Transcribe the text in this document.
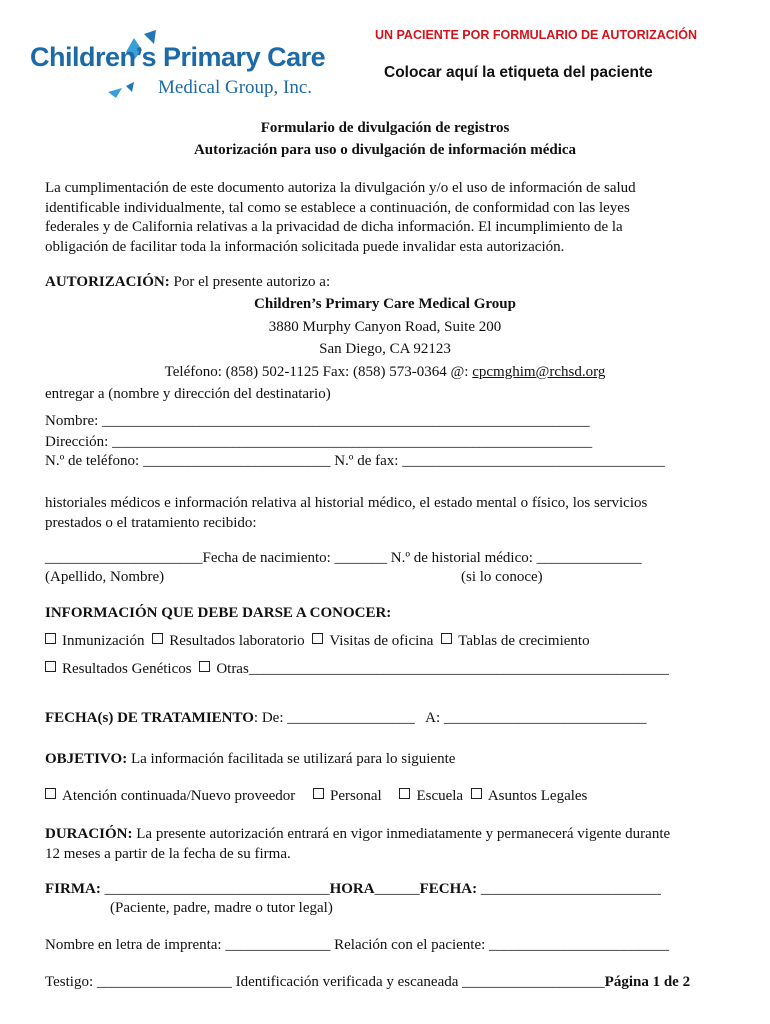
Children’s Primary Care
Medical Group, Inc.
UN PACIENTE POR FORMULARIO DE AUTORIZACIÓN
Colocar aquí la etiqueta del paciente
Formulario de divulgación de registros
Autorización para uso o divulgación de información médica
La cumplimentación de este documento autoriza la divulgación y/o el uso de información de salud
identificable individualmente, tal como se establece a continuación, de conformidad con las leyes
federales y de California relativas a la privacidad de dicha información. El incumplimiento de la
obligación de facilitar toda la información solicitada puede invalidar esta autorización.
AUTORIZACIÓN: Por el presente autorizo a:
Children’s Primary Care Medical Group
3880 Murphy Canyon Road, Suite 200
San Diego, CA 92123
Teléfono: (858) 502-1125 Fax: (858) 573-0364 @: cpcmghim@rchsd.org
entregar a (nombre y dirección del destinatario)
Nombre: _________________________________________________________________
Dirección: ________________________________________________________________
N.º de teléfono: _________________________ N.º de fax: ___________________________________
historiales médicos e información relativa al historial médico, el estado mental o físico, los servicios
prestados o el tratamiento recibido:
_____________________Fecha de nacimiento: _______ N.º de historial médico: ______________
(Apellido, Nombre)	(si lo conoce)
INFORMACIÓN QUE DEBE DARSE A CONOCER:
Inmunización Resultados laboratorio Visitas de oficina Tablas de crecimiento
Resultados Genéticos Otras________________________________________________________
FECHA(s) DE TRATAMIENTO: De: _________________   A: ___________________________
OBJETIVO: La información facilitada se utilizará para lo siguiente
Atención continuada/Nuevo proveedor Personal Escuela Asuntos Legales
DURACIÓN: La presente autorización entrará en vigor inmediatamente y permanecerá vigente durante
12 meses a partir de la fecha de su firma.
FIRMA: ______________________________HORA______FECHA: ________________________
(Paciente, padre, madre o tutor legal)
Nombre en letra de imprenta: ______________ Relación con el paciente: ________________________
Testigo: __________________ Identificación verificada y escaneada ___________________Página 1 de 2
